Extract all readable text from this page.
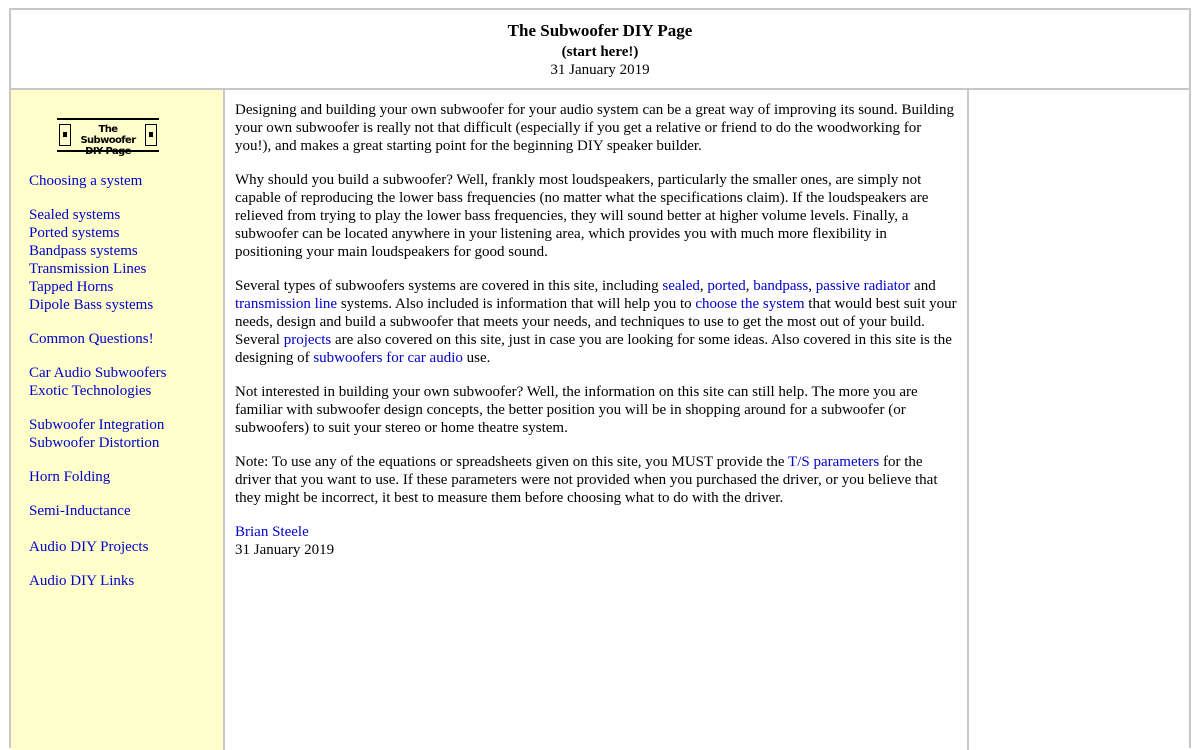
The Subwoofer DIY Page
(start here!)
31 January 2019
The Subwoofer
DIY Page
Choosing a system
Sealed systems
Ported systems
Bandpass systems
Transmission Lines
Tapped Horns
Dipole Bass systems
Common Questions!
Car Audio Subwoofers
Exotic Technologies
Subwoofer Integration
Subwoofer Distortion
Horn Folding
Semi-Inductance
Audio DIY Projects
Audio DIY Links

Designing and building your own subwoofer for your audio system can be a great way of improving its sound. Building your own subwoofer is really not that difficult (especially if you get a relative or friend to do the woodworking for you!), and makes a great starting point for the beginning DIY speaker builder.

Why should you build a subwoofer? Well, frankly most loudspeakers, particularly the smaller ones, are simply not capable of reproducing the lower bass frequencies (no matter what the specifications claim). If the loudspeakers are relieved from trying to play the lower bass frequencies, they will sound better at higher volume levels. Finally, a subwoofer can be located anywhere in your listening area, which provides you with much more flexibility in positioning your main loudspeakers for good sound.

Several types of subwoofers systems are covered in this site, including sealed, ported, bandpass, passive radiator and transmission line systems. Also included is information that will help you to choose the system that would best suit your needs, design and build a subwoofer that meets your needs, and techniques to use to get the most out of your build. Several projects are also covered on this site, just in case you are looking for some ideas. Also covered in this site is the designing of subwoofers for car audio use.

Not interested in building your own subwoofer? Well, the information on this site can still help. The more you are familiar with subwoofer design concepts, the better position you will be in shopping around for a subwoofer (or subwoofers) to suit your stereo or home theatre system.

Note: To use any of the equations or spreadsheets given on this site, you MUST provide the T/S parameters for the driver that you want to use. If these parameters were not provided when you purchased the driver, or you believe that they might be incorrect, it best to measure them before choosing what to do with the driver.

Brian Steele
31 January 2019
